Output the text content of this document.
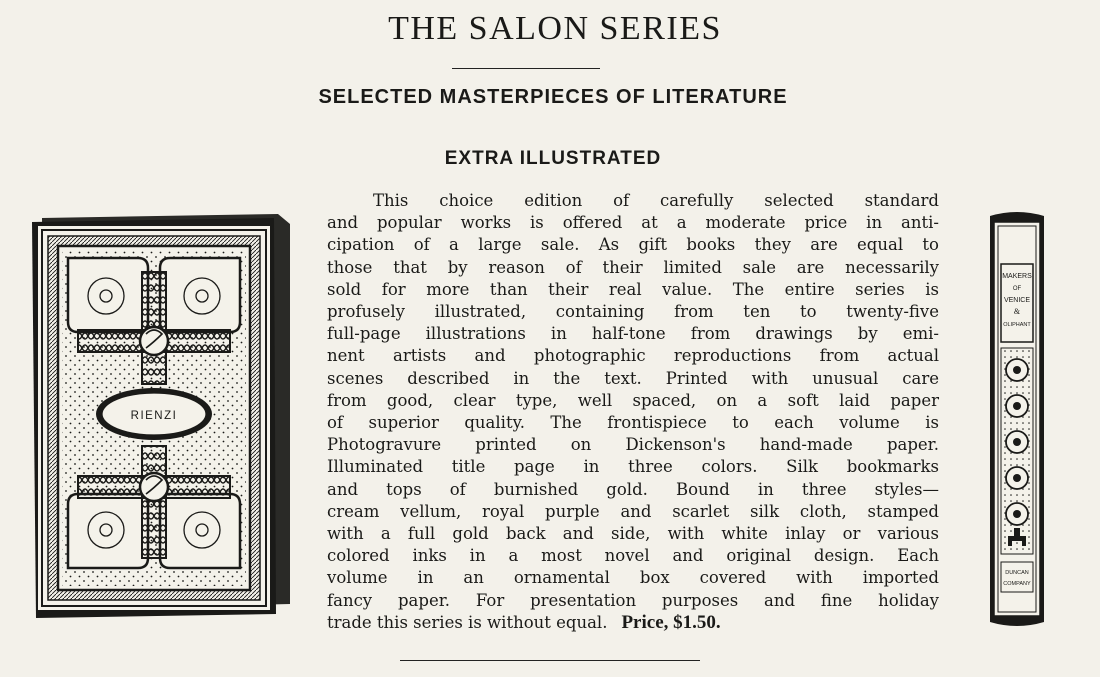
THE SALON SERIES
SELECTED MASTERPIECES OF LITERATURE
EXTRA ILLUSTRATED
RIENZI
This choice edition of carefully selected standard
and popular works is offered at a moderate price in anti-
cipation of a large sale. As gift books they are equal to
those that by reason of their limited sale are necessarily
sold for more than their real value. The entire series is
profusely illustrated, containing from ten to twenty-five
full-page illustrations in half-tone from drawings by emi-
nent artists and photographic reproductions from actual
scenes described in the text. Printed with unusual care
from good, clear type, well spaced, on a soft laid paper
of superior quality. The frontispiece to each volume is
Photogravure printed on Dickenson's hand-made paper.
Illuminated title page in three colors. Silk bookmarks
and tops of burnished gold. Bound in three styles—
cream vellum, royal purple and scarlet silk cloth, stamped
with a full gold back and side, with white inlay or various
colored inks in a most novel and original design. Each
volume in an ornamental box covered with imported
fancy paper. For presentation purposes and fine holiday
trade this series is without equal. Price, $1.50.
MAKERS
OF
VENICE
&
OLIPHANT
DUNCAN
COMPANY
